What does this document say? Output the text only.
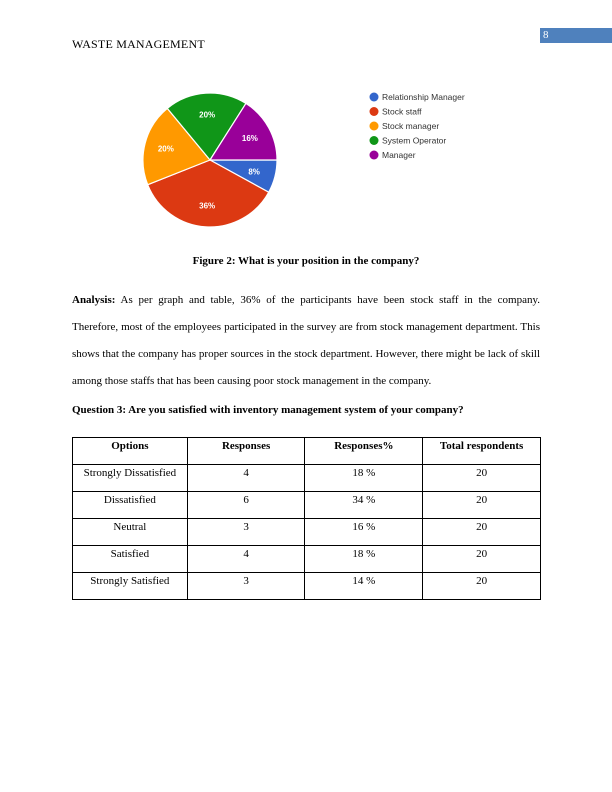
WASTE MANAGEMENT
8
8%
36%
20%
20%
16%
Relationship Manager
Stock staff
Stock manager
System Operator
Manager
Figure 2: What is your position in the company?

Analysis: As per graph and table, 36% of the participants have been stock staff in the company. Therefore, most of the employees participated in the survey are from stock management department. This shows that the company has proper sources in the stock department. However, there might be lack of skill among those staffs that has been causing poor stock management in the company.

Question 3: Are you satisfied with inventory management system of your company?
Options	Responses	Responses%	Total respondents
Strongly Dissatisfied	4	18 %	20
Dissatisfied	6	34 %	20
Neutral	3	16 %	20
Satisfied	4	18 %	20
Strongly Satisfied	3	14 %	20
